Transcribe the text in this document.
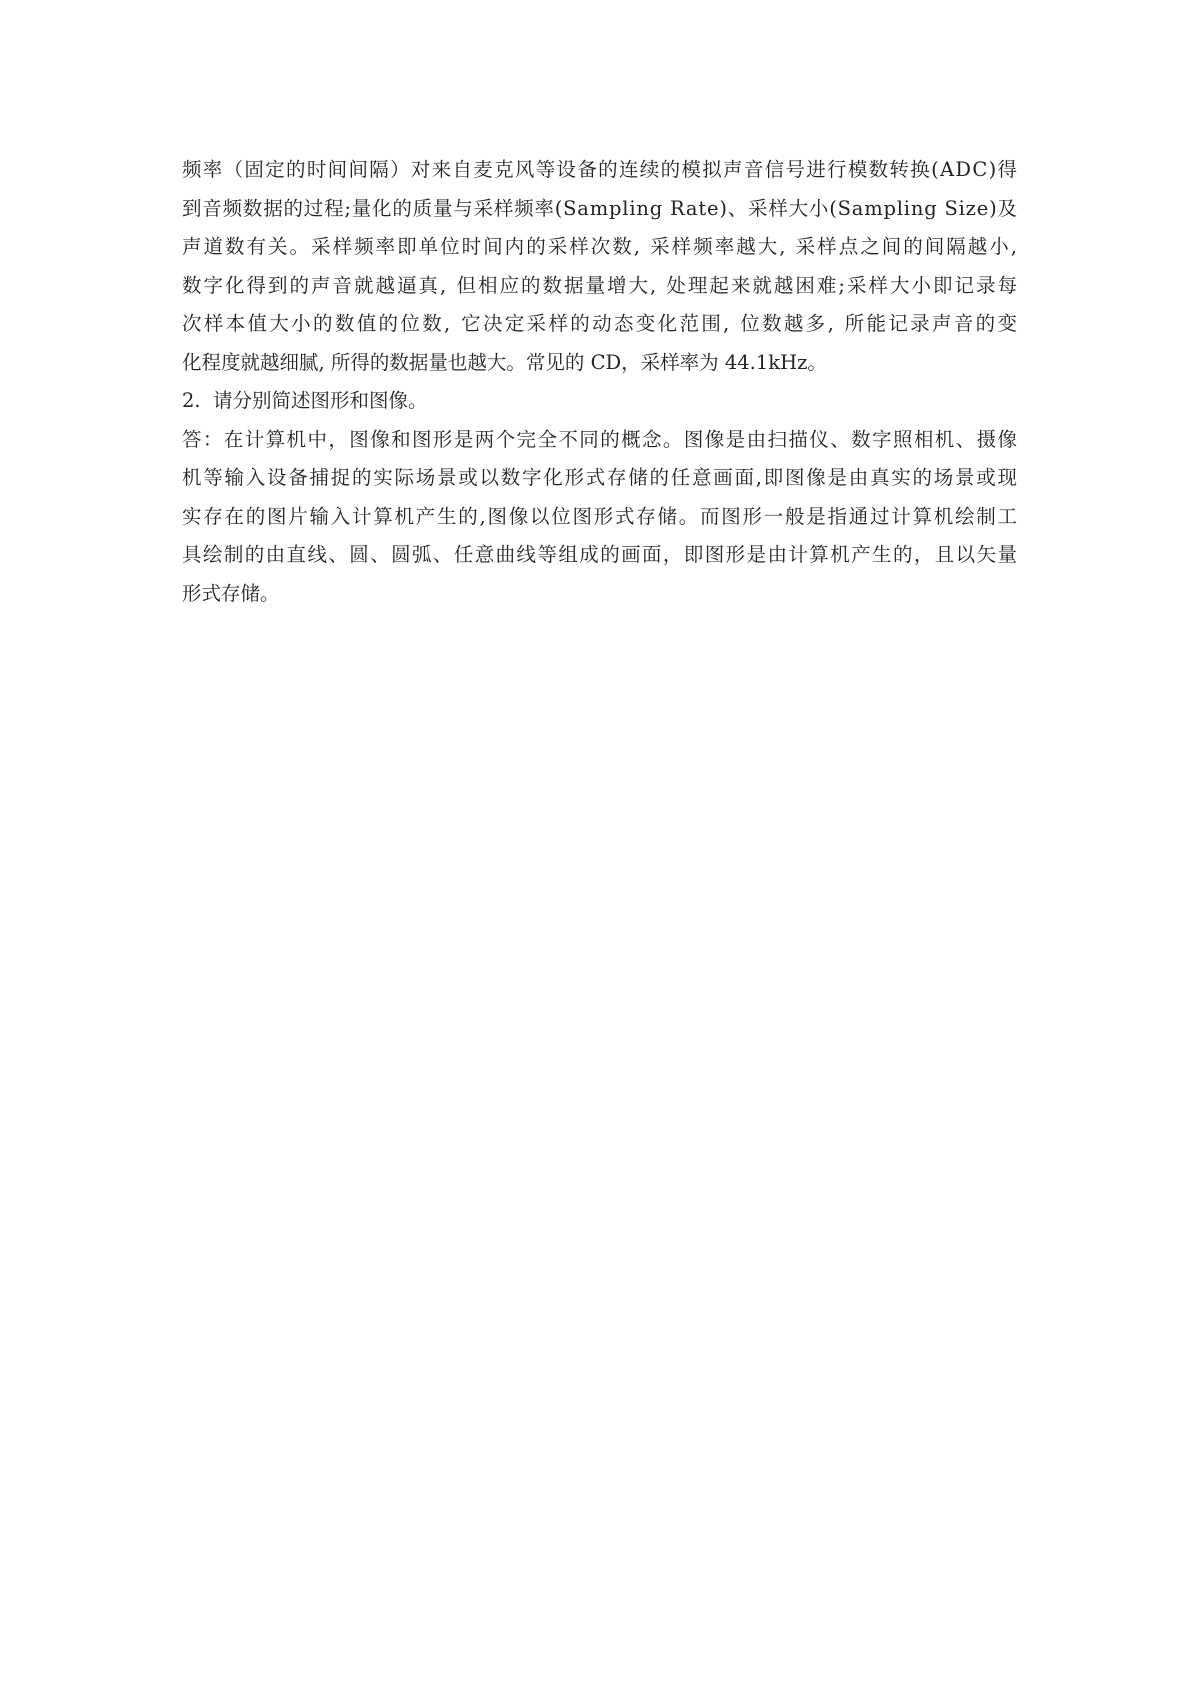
频率（固定的时间间隔）对来自麦克风等设备的连续的模拟声音信号进行模数转换(ADC)得
到音频数据的过程;量化的质量与采样频率(Sampling Rate)、采样大小(Sampling Size)及
声道数有关。采样频率即单位时间内的采样次数, 采样频率越大, 采样点之间的间隔越小,
数字化得到的声音就越逼真, 但相应的数据量增大, 处理起来就越困难;采样大小即记录每
次样本值大小的数值的位数, 它决定采样的动态变化范围, 位数越多, 所能记录声音的变
化程度就越细腻, 所得的数据量也越大。常见的 CD，采样率为 44.1kHz。
2.  请分别简述图形和图像。
答：在计算机中，图像和图形是两个完全不同的概念。图像是由扫描仪、数字照相机、摄像
机等输入设备捕捉的实际场景或以数字化形式存储的任意画面,即图像是由真实的场景或现
实存在的图片输入计算机产生的,图像以位图形式存储。而图形一般是指通过计算机绘制工
具绘制的由直线、圆、圆弧、任意曲线等组成的画面，即图形是由计算机产生的，且以矢量
形式存储。
